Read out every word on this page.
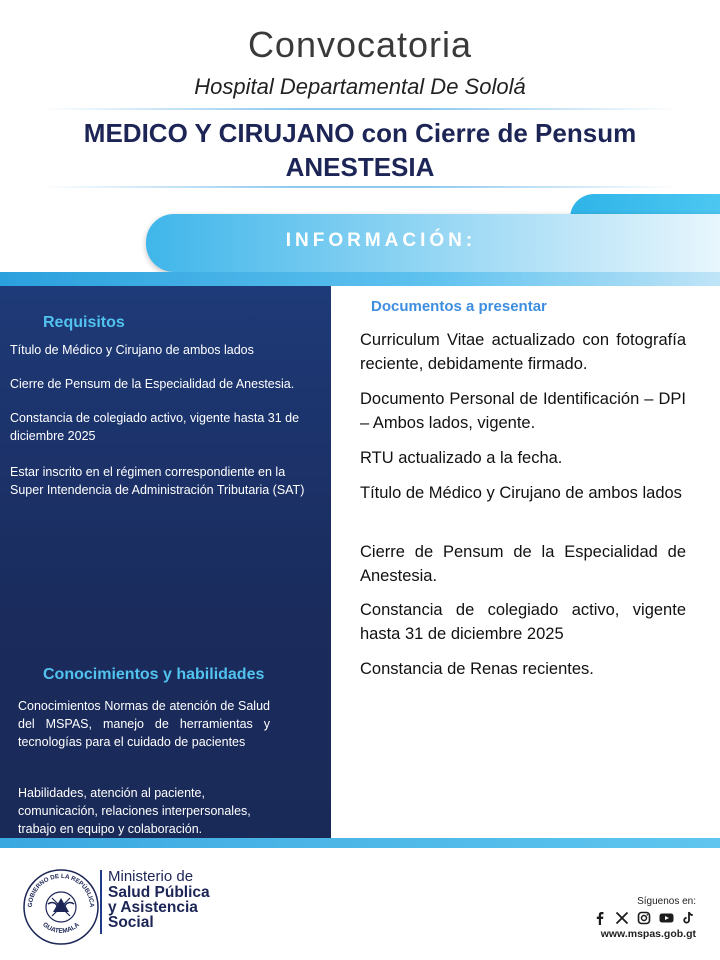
Convocatoria
Hospital Departamental De Sololá
MEDICO Y CIRUJANO con Cierre de Pensum
ANESTESIA
INFORMACIÓN:
Requisitos
Título de Médico y Cirujano de ambos lados
Cierre de Pensum de la Especialidad de Anestesia.
Constancia de colegiado activo, vigente hasta 31 de diciembre 2025
Estar inscrito en el régimen correspondiente en la Super Intendencia de Administración Tributaria (SAT)
Conocimientos y habilidades
Conocimientos Normas de atención de Salud del MSPAS, manejo de herramientas y tecnologías para el cuidado de pacientes
Habilidades, atención al paciente, comunicación, relaciones interpersonales, trabajo en equipo y colaboración.
Documentos a presentar
Curriculum Vitae actualizado con fotografía reciente, debidamente firmado.
Documento Personal de Identificación – DPI – Ambos lados, vigente.
RTU actualizado a la fecha.
Título de Médico y Cirujano de ambos lados
Cierre de Pensum de la Especialidad de Anestesia.
Constancia de colegiado activo, vigente hasta 31 de diciembre 2025
Constancia de Renas recientes.
GOBIERNO DE LA REPÚBLICA
GUATEMALA
Ministerio de
Salud Pública
y Asistencia
Social
Síguenos en:
www.mspas.gob.gt
